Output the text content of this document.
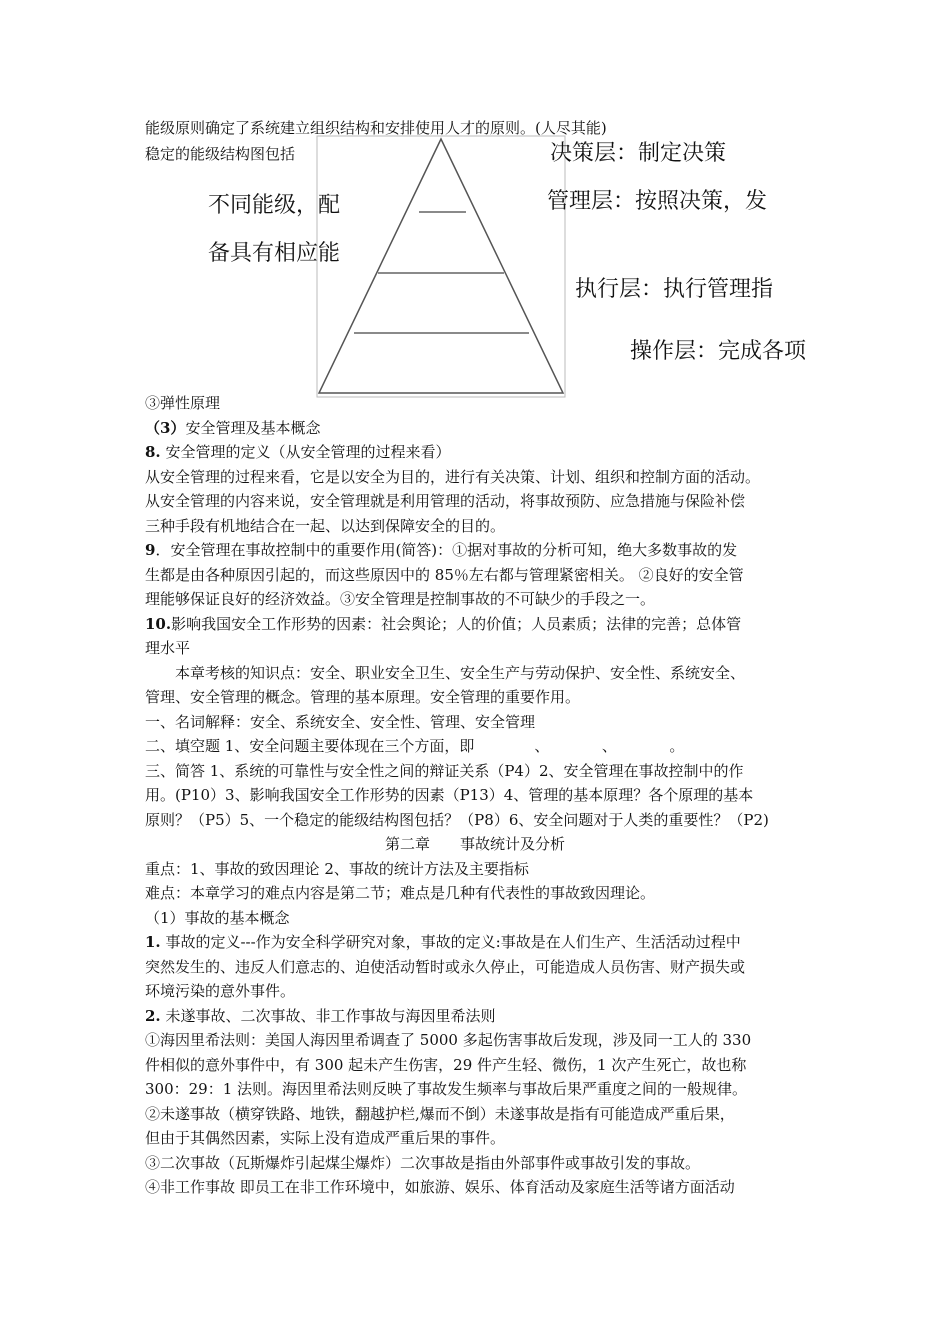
能级原则确定了系统建立组织结构和安排使用人才的原则。(人尽其能)
稳定的能级结构图包括
不同能级，配
备具有相应能
决策层：制定决策
管理层：按照决策，发
执行层：执行管理指
操作层：完成各项
③弹性原理
（3）安全管理及基本概念
8. 安全管理的定义（从安全管理的过程来看）
从安全管理的过程来看，它是以安全为目的，进行有关决策、计划、组织和控制方面的活动。
从安全管理的内容来说，安全管理就是利用管理的活动，将事故预防、应急措施与保险补偿
三种手段有机地结合在一起、以达到保障安全的目的。
9．安全管理在事故控制中的重要作用(简答)：①据对事故的分析可知，绝大多数事故的发
生都是由各种原因引起的，而这些原因中的 85％左右都与管理紧密相关。 ②良好的安全管
理能够保证良好的经济效益。③安全管理是控制事故的不可缺少的手段之一。
10.影响我国安全工作形势的因素：社会舆论；人的价值；人员素质；法律的完善；总体管
理水平
　　本章考核的知识点：安全、职业安全卫生、安全生产与劳动保护、安全性、系统安全、
管理、安全管理的概念。管理的基本原理。安全管理的重要作用。
一、名词解释：安全、系统安全、安全性、管理、安全管理
二、填空题 1、安全问题主要体现在三个方面，即　　　　、　　　　、　　　　。
三、简答 1、系统的可靠性与安全性之间的辩证关系（P4）2、安全管理在事故控制中的作
用。(P10）3、影响我国安全工作形势的因素（P13）4、管理的基本原理？各个原理的基本
原则？（P5）5、一个稳定的能级结构图包括？（P8）6、安全问题对于人类的重要性？（P2)
第二章　　事故统计及分析
重点：1、事故的致因理论 2、事故的统计方法及主要指标
难点：本章学习的难点内容是第二节；难点是几种有代表性的事故致因理论。
（1）事故的基本概念
1. 事故的定义---作为安全科学研究对象，事故的定义:事故是在人们生产、生活活动过程中
突然发生的、违反人们意志的、迫使活动暂时或永久停止，可能造成人员伤害、财产损失或
环境污染的意外事件。
2. 未遂事故、二次事故、非工作事故与海因里希法则
①海因里希法则：美国人海因里希调查了 5000 多起伤害事故后发现，涉及同一工人的 330
件相似的意外事件中，有 300 起未产生伤害，29 件产生轻、微伤，1 次产生死亡，故也称
300：29：1 法则。海因里希法则反映了事故发生频率与事故后果严重度之间的一般规律。
②未遂事故（横穿铁路、地铁，翻越护栏,爆而不倒）未遂事故是指有可能造成严重后果，
但由于其偶然因素，实际上没有造成严重后果的事件。
③二次事故（瓦斯爆炸引起煤尘爆炸）二次事故是指由外部事件或事故引发的事故。
④非工作事故 即员工在非工作环境中，如旅游、娱乐、体育活动及家庭生活等诸方面活动
